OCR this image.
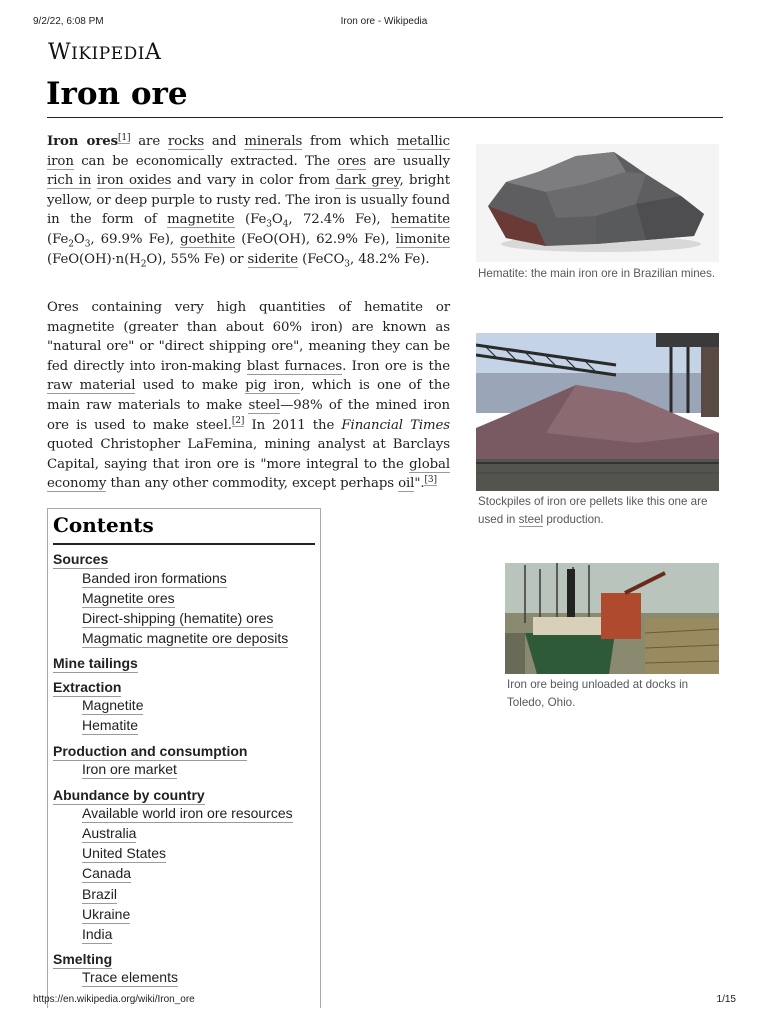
9/2/22, 6:08 PM	Iron ore - Wikipedia
WIKIPEDIA
Iron ore
Iron ores[1] are rocks and minerals from which metallic iron can be economically extracted. The ores are usually rich in iron oxides and vary in color from dark grey, bright yellow, or deep purple to rusty red. The iron is usually found in the form of magnetite ($Fe_3O_4$, 72.4% Fe), hematite ($Fe_2O_3$, 69.9% Fe), goethite (FeO(OH), 62.9% Fe), limonite ($FeO(OH)\cdot n(H_2O)$, 55% Fe) or siderite (FeCO$_3$, 48.2% Fe).
Ores containing very high quantities of hematite or magnetite (greater than about 60% iron) are known as "natural ore" or "direct shipping ore", meaning they can be fed directly into iron-making blast furnaces. Iron ore is the raw material used to make pig iron, which is one of the main raw materials to make steel—98% of the mined iron ore is used to make steel.[2] In 2011 the Financial Times quoted Christopher LaFemina, mining analyst at Barclays Capital, saying that iron ore is "more integral to the global economy than any other commodity, except perhaps oil".[3]
Hematite: the main iron ore in Brazilian mines.
Stockpiles of iron ore pellets like this one are used in steel production.
Iron ore being unloaded at docks in Toledo, Ohio.
Contents
Sources
Banded iron formations
Magnetite ores
Direct-shipping (hematite) ores
Magmatic magnetite ore deposits
Mine tailings
Extraction
Magnetite
Hematite
Production and consumption
Iron ore market
Abundance by country
Available world iron ore resources
Australia
United States
Canada
Brazil
Ukraine
India
Smelting
Trace elements
https://en.wikipedia.org/wiki/Iron_ore	1/15
